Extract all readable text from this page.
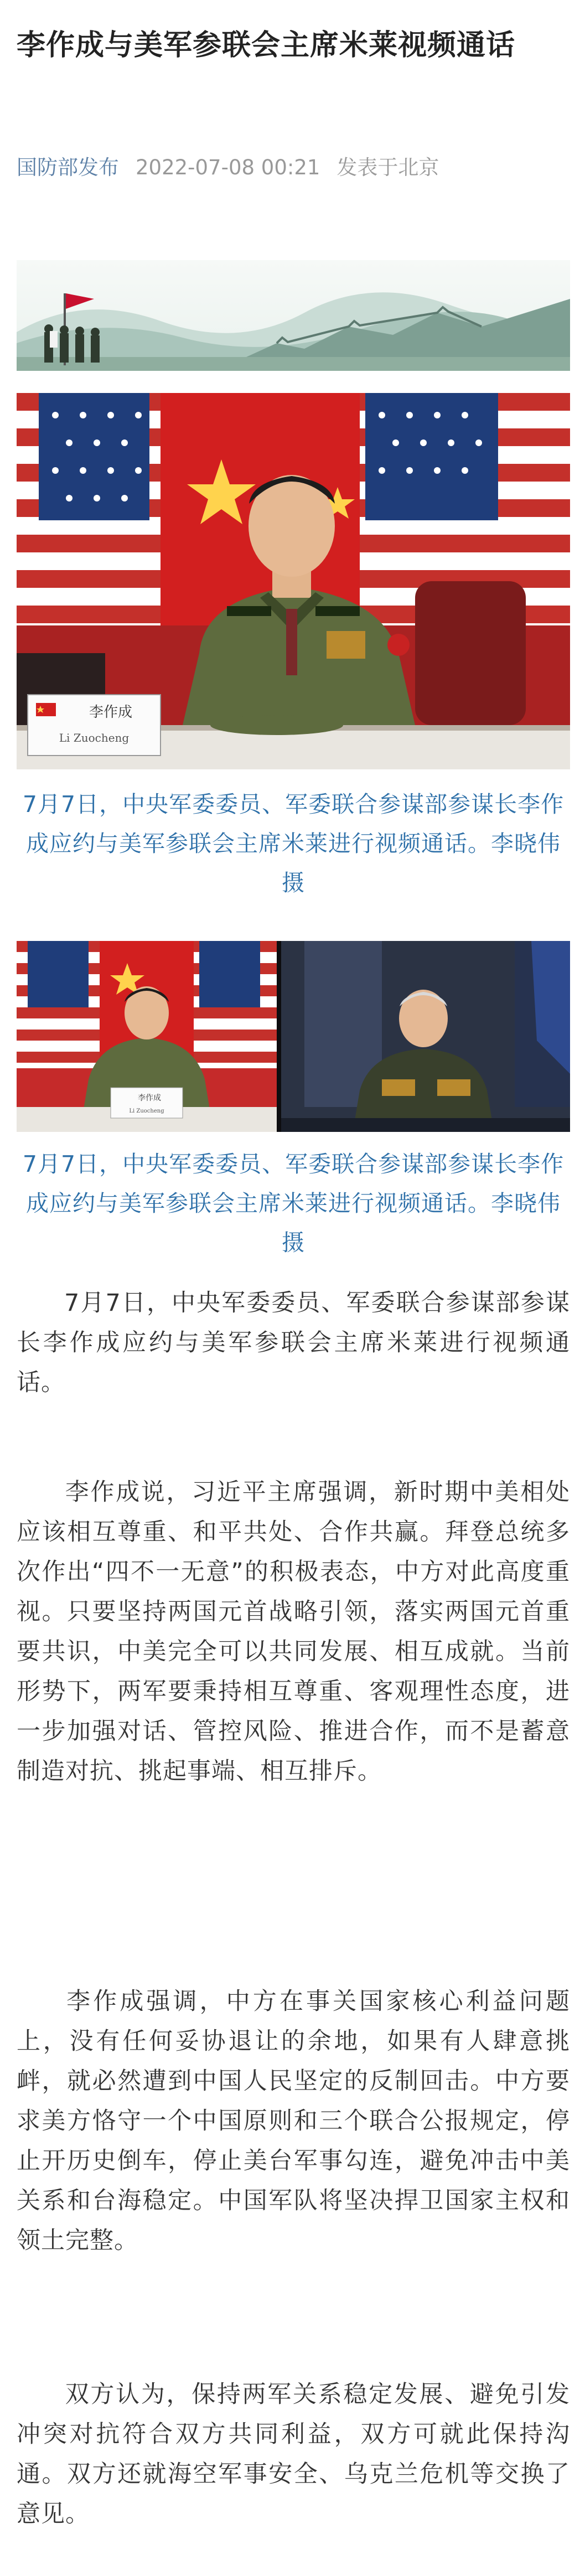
李作成与美军参联会主席米莱视频通话
国防部发布 2022-07-08 00:21 发表于北京
李作成
Li Zuocheng
7月7日，中央军委委员、军委联合参谋部参谋长李作成应约与美军参联会主席米莱进行视频通话。李晓伟 摄
李作成
Li Zuocheng
7月7日，中央军委委员、军委联合参谋部参谋长李作成应约与美军参联会主席米莱进行视频通话。李晓伟 摄
7月7日，中央军委委员、军委联合参谋部参谋长李作成应约与美军参联会主席米莱进行视频通话。
李作成说，习近平主席强调，新时期中美相处应该相互尊重、和平共处、合作共赢。拜登总统多次作出“四不一无意”的积极表态，中方对此高度重视。只要坚持两国元首战略引领，落实两国元首重要共识，中美完全可以共同发展、相互成就。当前形势下，两军要秉持相互尊重、客观理性态度，进一步加强对话、管控风险、推进合作，而不是蓄意制造对抗、挑起事端、相互排斥。
李作成强调，中方在事关国家核心利益问题上，没有任何妥协退让的余地，如果有人肆意挑衅，就必然遭到中国人民坚定的反制回击。中方要求美方恪守一个中国原则和三个联合公报规定，停止开历史倒车，停止美台军事勾连，避免冲击中美关系和台海稳定。中国军队将坚决捍卫国家主权和领土完整。
双方认为，保持两军关系稳定发展、避免引发冲突对抗符合双方共同利益，双方可就此保持沟通。双方还就海空军事安全、乌克兰危机等交换了意见。
